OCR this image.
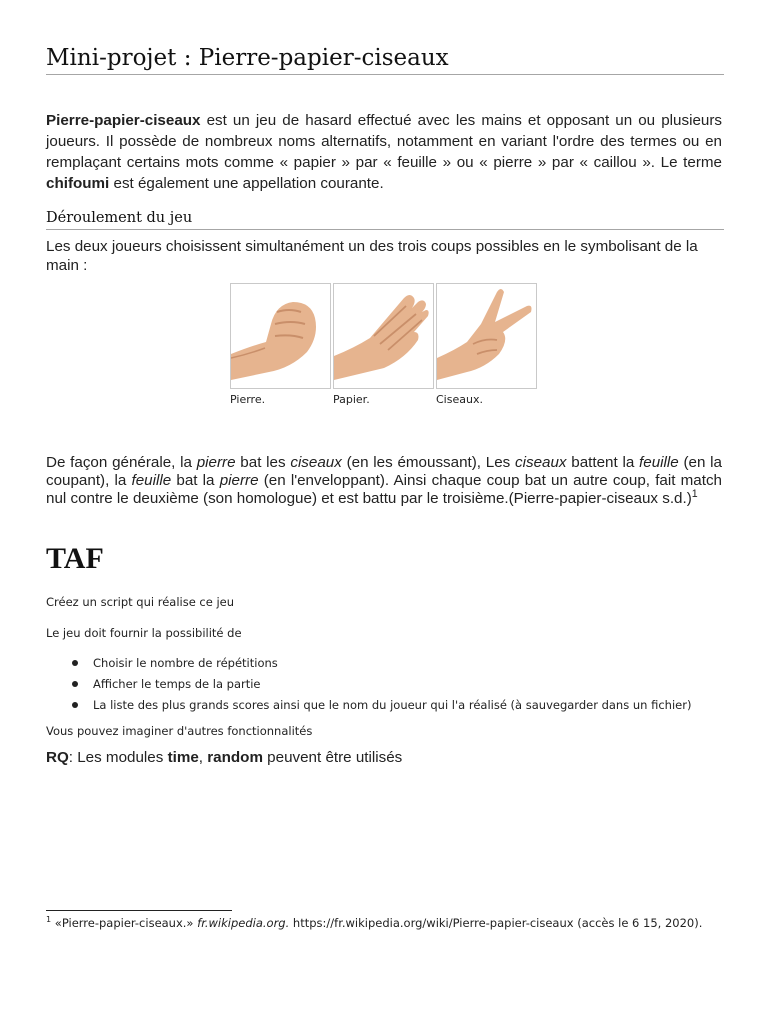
Mini-projet : Pierre-papier-ciseaux
Pierre-papier-ciseaux est un jeu de hasard effectué avec les mains et opposant un ou plusieurs joueurs. Il possède de nombreux noms alternatifs, notamment en variant l'ordre des termes ou en remplaçant certains mots comme « papier » par « feuille » ou « pierre » par « caillou ». Le terme chifoumi est également une appellation courante.
Déroulement du jeu
Les deux joueurs choisissent simultanément un des trois coups possibles en le symbolisant de la main :
Pierre.	Papier.	Ciseaux.
De façon générale, la pierre bat les ciseaux (en les émoussant), Les ciseaux battent la feuille (en la coupant), la feuille bat la pierre (en l'enveloppant). Ainsi chaque coup bat un autre coup, fait match nul contre le deuxième (son homologue) et est battu par le troisième.(Pierre-papier-ciseaux s.d.)$^1$
TAF
Créez un script qui réalise ce jeu
Le jeu doit fournir la possibilité de
Choisir le nombre de répétitions
Afficher le temps de la partie
La liste des plus grands scores ainsi que le nom du joueur qui l'a réalisé (à sauvegarder dans un fichier)
Vous pouvez imaginer d'autres fonctionnalités
RQ: Les modules time, random peuvent être utilisés
$^1$ «Pierre-papier-ciseaux.» fr.wikipedia.org. https://fr.wikipedia.org/wiki/Pierre-papier-ciseaux (accès le 6 15, 2020).
